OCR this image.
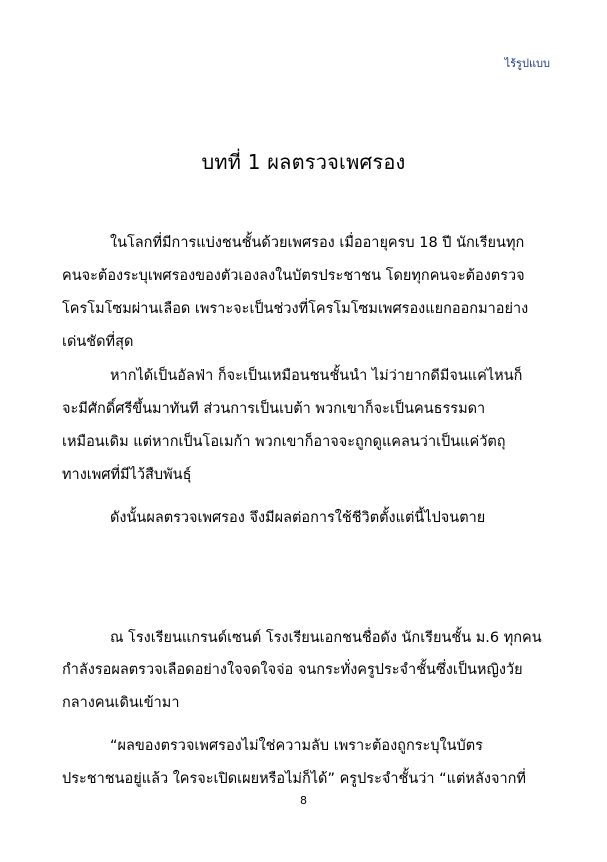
ไร้รูปแบบ
บทที่ 1 ผลตรวจเพศรอง
ในโลกที่มีการแบ่งชนชั้นด้วยเพศรอง เมื่ออายุครบ 18 ปี นักเรียนทุก
คนจะต้องระบุเพศรองของตัวเองลงในบัตรประชาชน โดยทุกคนจะต้องตรวจ
โครโมโซมผ่านเลือด เพราะจะเป็นช่วงที่โครโมโซมเพศรองแยกออกมาอย่าง
เด่นชัดที่สุด
หากได้เป็นอัลฟ่า ก็จะเป็นเหมือนชนชั้นนำ ไม่ว่ายากดีมีจนแค่ไหนก็
จะมีศักดิ์ศรีขึ้นมาทันที ส่วนการเป็นเบต้า พวกเขาก็จะเป็นคนธรรมดา
เหมือนเดิม แต่หากเป็นโอเมก้า พวกเขาก็อาจจะถูกดูแคลนว่าเป็นแค่วัตถุ
ทางเพศที่มีไว้สืบพันธุ์
ดังนั้นผลตรวจเพศรอง จึงมีผลต่อการใช้ชีวิตตั้งแต่นี้ไปจนตาย
ณ โรงเรียนแกรนด์เซนต์ โรงเรียนเอกชนชื่อดัง นักเรียนชั้น ม.6 ทุกคน
กำลังรอผลตรวจเลือดอย่างใจจดใจจ่อ จนกระทั่งครูประจำชั้นซึ่งเป็นหญิงวัย
กลางคนเดินเข้ามา
“ผลของตรวจเพศรองไม่ใช่ความลับ เพราะต้องถูกระบุในบัตร
ประชาชนอยู่แล้ว ใครจะเปิดเผยหรือไม่ก็ได้” ครูประจำชั้นว่า “แต่หลังจากที่
8
